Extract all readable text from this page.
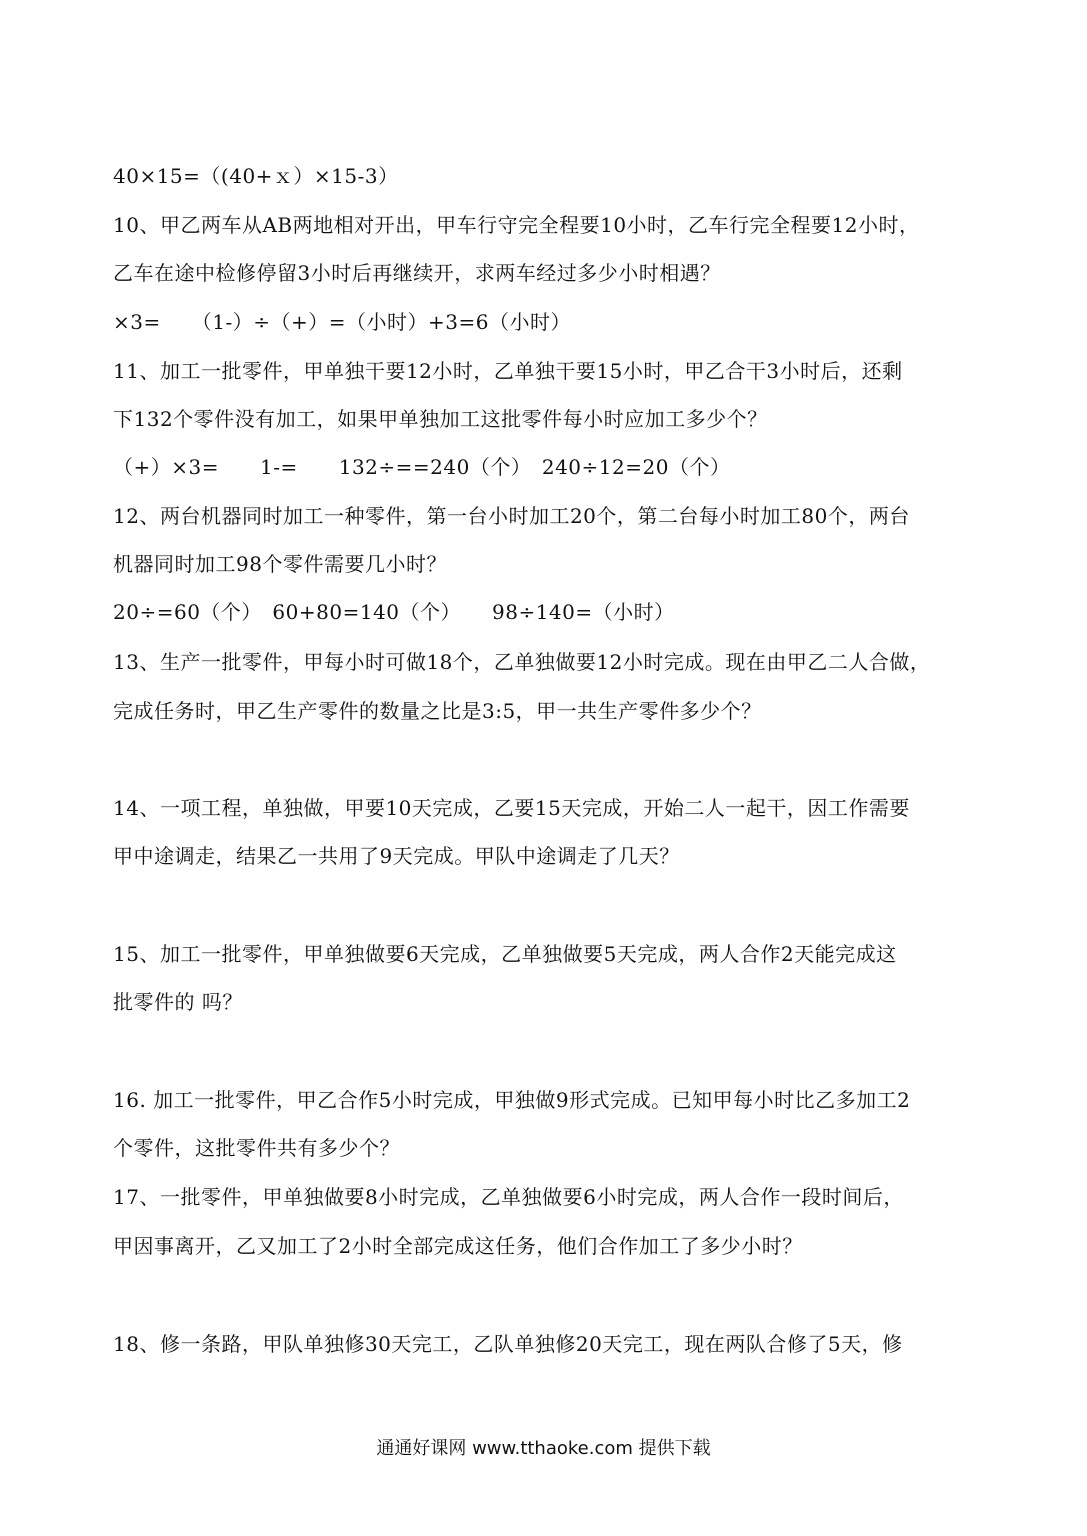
40×15=（(40+ｘ）×15-3）
10、甲乙两车从AB两地相对开出，甲车行守完全程要10小时，乙车行完全程要12小时，
乙车在途中检修停留3小时后再继续开，求两车经过多少小时相遇？
×3=　　（1-）÷（+）=（小时）+3=6（小时）
11、加工一批零件，甲单独干要12小时，乙单独干要15小时，甲乙合干3小时后，还剩
下132个零件没有加工，如果甲单独加工这批零件每小时应加工多少个？
（+）×3=　　1-=　　132÷==240（个）　240÷12=20（个）
12、两台机器同时加工一种零件，第一台小时加工20个，第二台每小时加工80个，两台
机器同时加工98个零件需要几小时？
20÷=60（个）　60+80=140（个）　　98÷140=（小时）
13、生产一批零件，甲每小时可做18个，乙单独做要12小时完成。现在由甲乙二人合做，
完成任务时，甲乙生产零件的数量之比是3:5，甲一共生产零件多少个？
14、一项工程，单独做，甲要10天完成，乙要15天完成，开始二人一起干，因工作需要
甲中途调走，结果乙一共用了9天完成。甲队中途调走了几天？
15、加工一批零件，甲单独做要6天完成，乙单独做要5天完成，两人合作2天能完成这
批零件的 吗？
16. 加工一批零件，甲乙合作5小时完成，甲独做9形式完成。已知甲每小时比乙多加工2
个零件，这批零件共有多少个？
17、一批零件，甲单独做要8小时完成，乙单独做要6小时完成，两人合作一段时间后，
甲因事离开，乙又加工了2小时全部完成这任务，他们合作加工了多少小时？
18、修一条路，甲队单独修30天完工，乙队单独修20天完工，现在两队合修了5天，修
通通好课网 www.tthaoke.com 提供下载
